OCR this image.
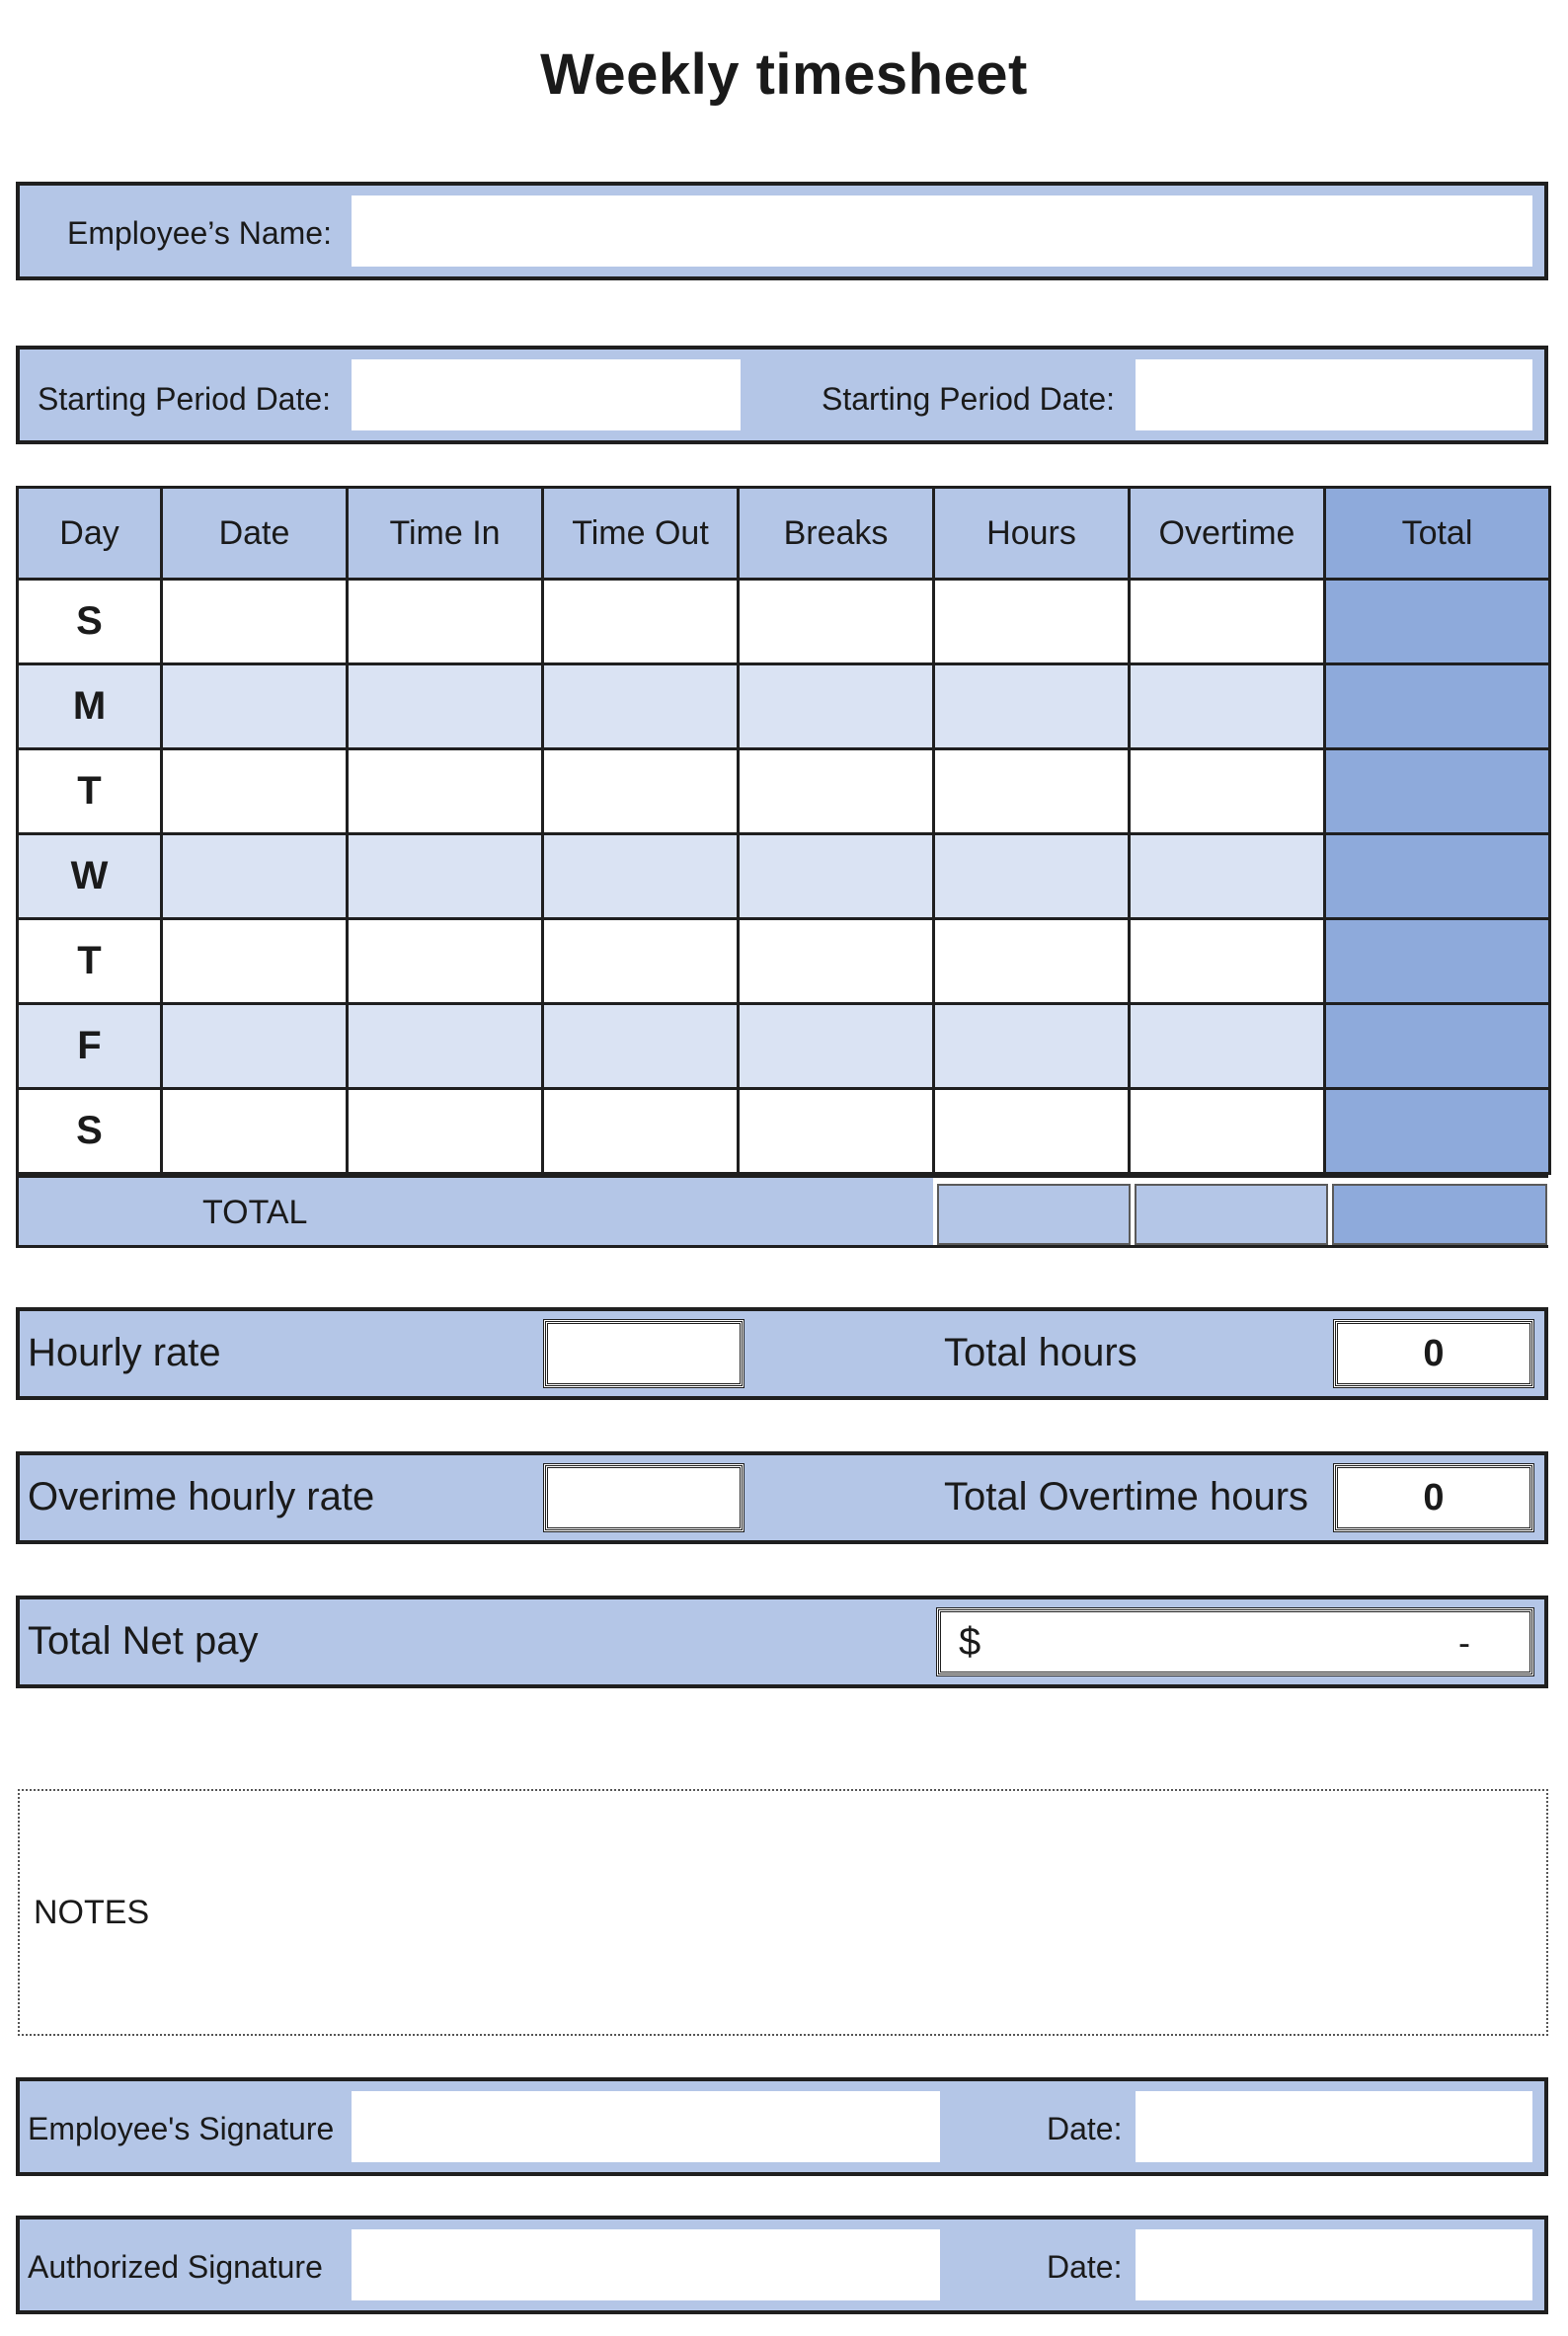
Weekly timesheet
Employee’s Name:
Starting Period Date:	Starting Period Date:
Day	Date	Time In	Time Out	Breaks	Hours	Overtime	Total
S							
M							
T							
W							
T							
F							
S							
TOTAL
Hourly rate	Total hours	0
Overime hourly rate	Total Overtime hours	0
Total Net pay	$	-
NOTES
Employee's Signature	Date:
Authorized Signature	Date:
